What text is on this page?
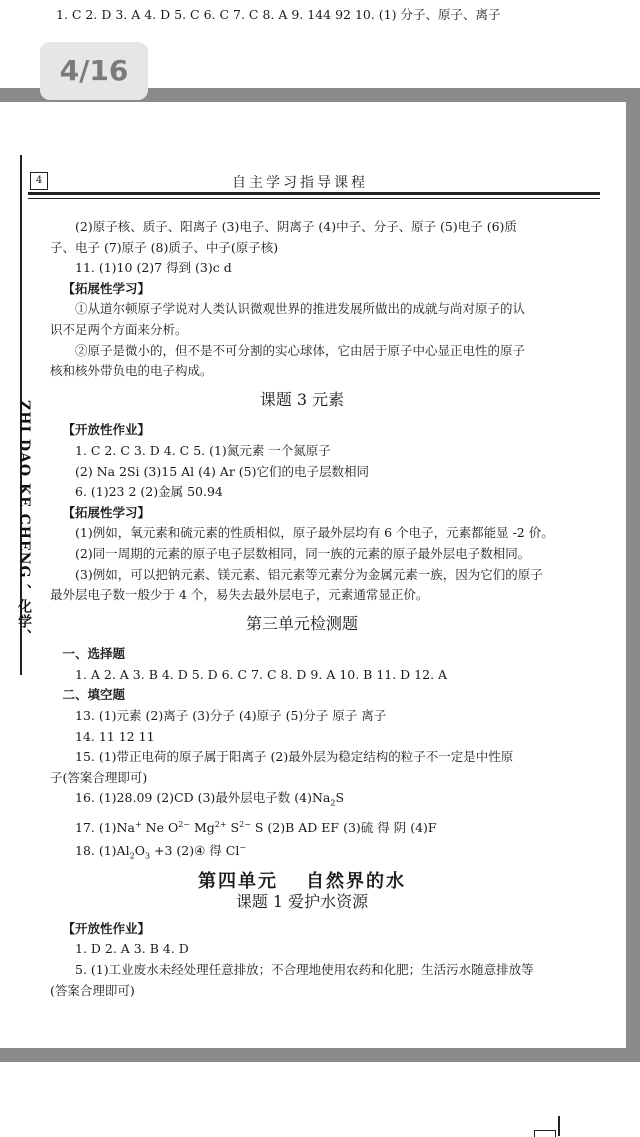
1. C 2. D 3. A 4. D 5. C 6. C 7. C 8. A 9. 144 92 10. (1) 分子、原子、离子
4/16
4	自主学习指导课程
ZHI DAO KE CHENG 、化学、

(2)原子核、质子、阳离子 (3)电子、阴离子 (4)中子、分子、原子 (5)电子 (6)质

子、电子 (7)原子 (8)质子、中子(原子核)

11. (1)10 (2)7 得到 (3)c d

【拓展性学习】

①从道尔顿原子学说对人类认识微观世界的推进发展所做出的成就与尚对原子的认

识不足两个方面来分析。

②原子是微小的，但不是不可分割的实心球体，它由居于原子中心显正电性的原子

核和核外带负电的电子构成。

课题 3 元素

【开放性作业】

1. C 2. C 3. D 4. C 5. (1)氮元素 一个氮原子

(2) Na 2Si (3)15 Al (4) Ar (5)它们的电子层数相同

6. (1)23 2 (2)金属 50.94

【拓展性学习】

(1)例如，氧元素和硫元素的性质相似，原子最外层均有 6 个电子，元素都能显 -2 价。

(2)同一周期的元素的原子电子层数相同，同一族的元素的原子最外层电子数相同。

(3)例如，可以把钠元素、镁元素、铝元素等元素分为金属元素一族，因为它们的原子

最外层电子数一般少于 4 个，易失去最外层电子，元素通常显正价。

第三单元检测题

一、选择题

1. A 2. A 3. B 4. D 5. D 6. C 7. C 8. D 9. A 10. B 11. D 12. A

二、填空题

13. (1)元素 (2)离子 (3)分子 (4)原子 (5)分子 原子 离子

14. 11 12 11

15. (1)带正电荷的原子属于阳离子 (2)最外层为稳定结构的粒子不一定是中性原

子(答案合理即可)

16. (1)28.09 (2)CD (3)最外层电子数 $(4)Na_2S$

17. (1)Na+ Ne $O^{2-}$ $Mg^{2+}$ $S^{2-}$ S (2)B AD EF (3)硫 得 阴 (4)F

18. $(1)Al_2O_3 +3$ (2)④ 得 Cl−

第四单元 自然界的水

课题 1 爱护水资源

【开放性作业】

1. D 2. A 3. B 4. D

5. (1)工业废水未经处理任意排放；不合理地使用农药和化肥；生活污水随意排放等

(答案合理即可)
